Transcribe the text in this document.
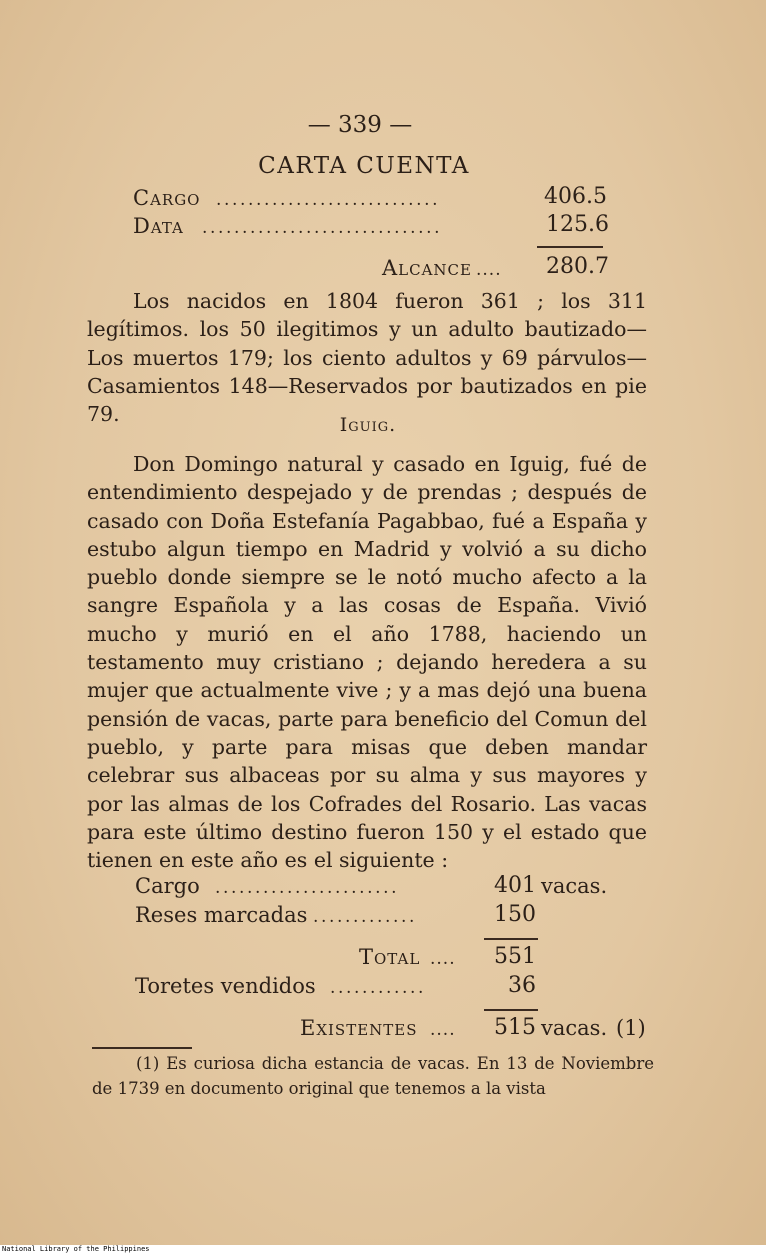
— 339 —
CARTA CUENTA
Cargo ............................	406.5
Data ..............................	125.6
Alcance .... 280.7
Los nacidos en 1804 fueron 361 ; los 311 legítimos. los 50 ilegitimos y un adulto bautizado—Los muertos 179; los ciento adultos y 69 párvulos—Casamientos 148—Reservados por bautizados en pie 79.	Iguig.
Don Domingo natural y casado en Iguig, fué de entendimiento despejado y de prendas ; después de casado con Doña Estefanía Pagabbao, fué a España y estubo algun tiempo en Madrid y volvió a su dicho pueblo donde siempre se le notó mucho afecto a la sangre Española y a las cosas de España. Vivió mucho y murió en el año 1788, haciendo un testamento muy cristiano ; dejando heredera a su mujer que actualmente vive ; y a mas dejó una buena pensión de vacas, parte para beneficio del Comun del pueblo, y parte para misas que deben mandar celebrar sus albaceas por su alma y sus mayores y por las almas de los Cofrades del Rosario. Las vacas para este último destino fueron 150 y el estado que tienen en este año es el siguiente :
Cargo .......................	401 vacas.
Reses marcadas .............	150
Total .... 551
Toretes vendidos ............	36
Existentes .... 515 vacas. (1)
(1) Es curiosa dicha estancia de vacas. En 13 de Noviembre de 1739 en documento original que tenemos a la vista
National Library of the Philippines
